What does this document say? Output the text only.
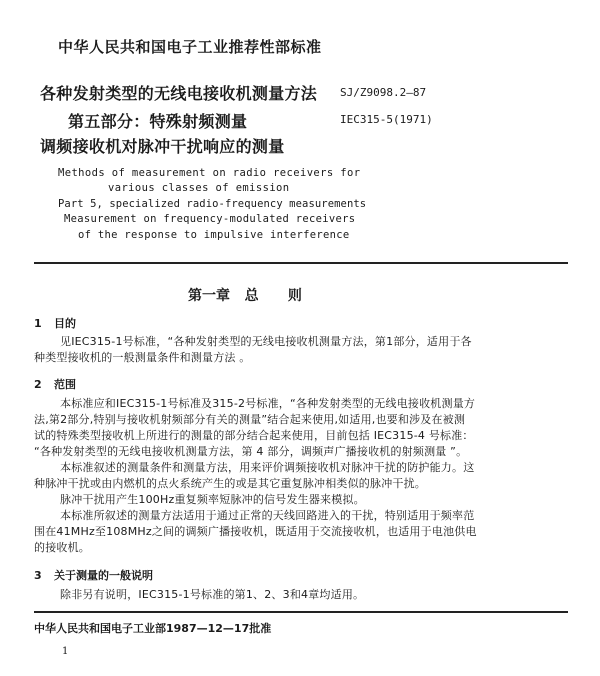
中华人民共和国电子工业推荐性部标准
各种发射类型的无线电接收机测量方法 SJ/Z9098.2—87
第五部分：特殊射频测量	IEC315-5(1971)
调频接收机对脉冲干扰响应的测量
Methods of measurement on radio receivers for
various classes of emission
Part 5, specialized radio-frequency measurements
Measurement on frequency-modulated receivers
of the response to impulsive interference
第一章   总      则
1 目的
见IEC315-1号标准，“各种发射类型的无线电接收机测量方法，第1部分，适用于各
种类型接收机的一般测量条件和测量方法 。
2 范围
本标准应和IEC315-1号标准及315-2号标准，“各种发射类型的无线电接收机测量方
法,第2部分,特别与接收机射频部分有关的测量”结合起来使用,如适用,也要和涉及在被测
试的特殊类型接收机上所进行的测量的部分结合起来使用，目前包括 IEC315-4 号标准：
“各种发射类型的无线电接收机测量方法，第 4 部分，调频声广播接收机的射频测量 ”。
本标准叙述的测量条件和测量方法，用来评价调频接收机对脉冲干扰的防护能力。这
种脉冲干扰或由内燃机的点火系统产生的或是其它重复脉冲相类似的脉冲干扰。
脉冲干扰用产生100Hz重复频率短脉冲的信号发生器来模拟。
本标准所叙述的测量方法适用于通过正常的天线回路进入的干扰，特别适用于频率范
围在41MHz至108MHz之间的调频广播接收机，既适用于交流接收机，也适用于电池供电
的接收机。
3 关于测量的一般说明
除非另有说明，IEC315-1号标准的第1、2、3和4章均适用。
中华人民共和国电子工业部1987—12—17批准
1
